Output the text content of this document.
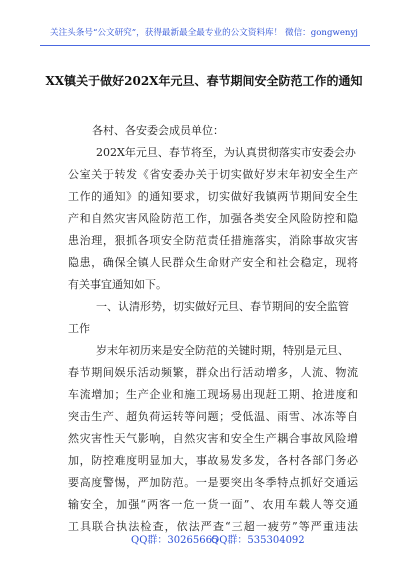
关注头条号“公文研究”，获得最新最全最专业的公文资料库！ 微信：gongwenyj
XX镇关于做好202X年元旦、春节期间安全防范工作的通知
各村、各安委会成员单位：
202X年元旦、春节将至，为认真贯彻落实市安委会办
公室关于转发《省安委办关于切实做好岁末年初安全生产
工作的通知》的通知要求，切实做好我镇两节期间安全生
产和自然灾害风险防范工作，加强各类安全风险防控和隐
患治理，狠抓各项安全防范责任措施落实，消除事故灾害
隐患，确保全镇人民群众生命财产安全和社会稳定，现将
有关事宜通知如下。
一、认清形势，切实做好元旦、春节期间的安全监管
工作
岁末年初历来是安全防范的关键时期，特别是元旦、
春节期间娱乐活动频繁，群众出行活动增多，人流、物流
车流增加；生产企业和施工现场易出现赶工期、抢进度和
突击生产、超负荷运转等问题；受低温、雨雪、冰冻等自
然灾害性天气影响，自然灾害和安全生产耦合事故风险增
加，防控难度明显加大，事故易发多发，各村各部门务必
要高度警惕，严加防范。一是要突出冬季特点抓好交通运
输安全，加强“两客一危一货一面”、农用车载人等交通
工具联合执法检查，依法严查“三超一疲劳”等严重违法
QQ群：30265665
QQ群：535304092
